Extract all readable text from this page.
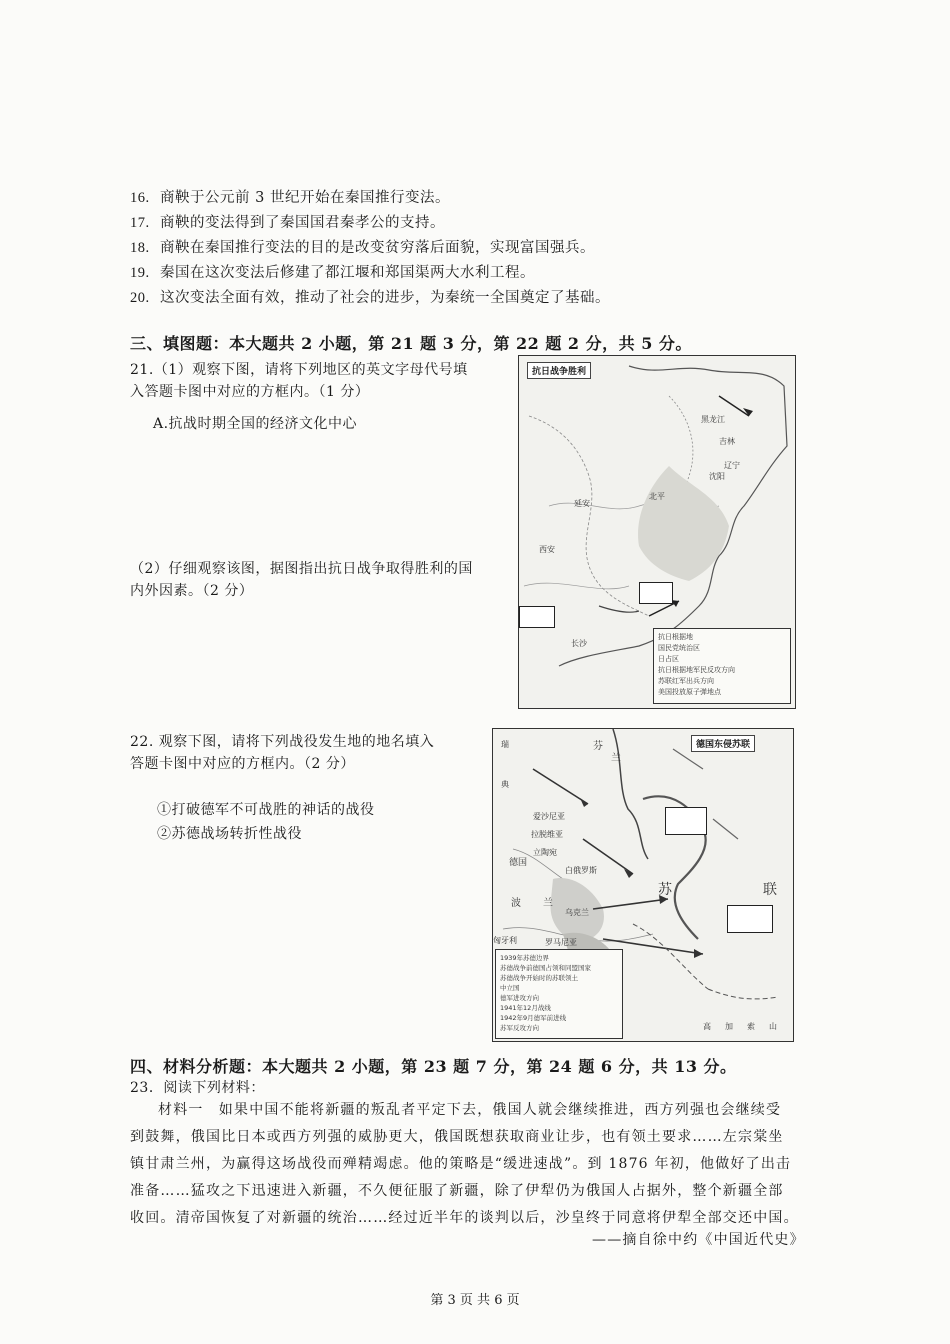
16. 商鞅于公元前 3 世纪开始在秦国推行变法。
17. 商鞅的变法得到了秦国国君秦孝公的支持。
18. 商鞅在秦国推行变法的目的是改变贫穷落后面貌，实现富国强兵。
19. 秦国在这次变法后修建了都江堰和郑国渠两大水利工程。
20. 这次变法全面有效，推动了社会的进步，为秦统一全国奠定了基础。
三、填图题：本大题共 2 小题，第 21 题 3 分，第 22 题 2 分，共 5 分。
21.（1）观察下图，请将下列地区的英文字母代号填
入答题卡图中对应的方框内。（1 分）
A.抗战时期全国的经济文化中心
（2）仔细观察该图，据图指出抗日战争取得胜利的国
内外因素。（2 分）
抗日战争胜利
黑龙江
吉林
辽宁
沈阳
北平
西安
延安
长沙
抗日根据地
国民党统治区
日占区
抗日根据地军民反攻方向
苏联红军出兵方向
美国投放原子弹地点
22. 观察下图，请将下列战役发生地的地名填入
答题卡图中对应的方框内。（2 分）
①打破德军不可战胜的神话的战役
②苏德战场转折性战役
德国东侵苏联
瑞
典
芬
兰
爱沙尼亚
拉脱维亚
立陶宛
德国
白俄罗斯
苏	联
波 兰
乌克兰
罗马尼亚
匈牙利
高 加 索 山
1939年苏德边界
苏德战争前德国占领和同盟国家
苏德战争开始时的苏联领土
中立国
德军进攻方向
1941年12月战线
1942年9月德军前进线
苏军反攻方向
四、材料分析题：本大题共 2 小题，第 23 题 7 分，第 24 题 6 分，共 13 分。
23．阅读下列材料：
材料一　如果中国不能将新疆的叛乱者平定下去，俄国人就会继续推进，西方列强也会继续受
到鼓舞，俄国比日本或西方列强的威胁更大，俄国既想获取商业让步，也有领土要求……左宗棠坐
镇甘肃兰州，为赢得这场战役而殚精竭虑。他的策略是“缓进速战”。到 1876 年初，他做好了出击
准备……猛攻之下迅速进入新疆，不久便征服了新疆，除了伊犁仍为俄国人占据外，整个新疆全部
收回。清帝国恢复了对新疆的统治……经过近半年的谈判以后，沙皇终于同意将伊犁全部交还中国。
——摘自徐中约《中国近代史》
第 3 页 共 6 页
